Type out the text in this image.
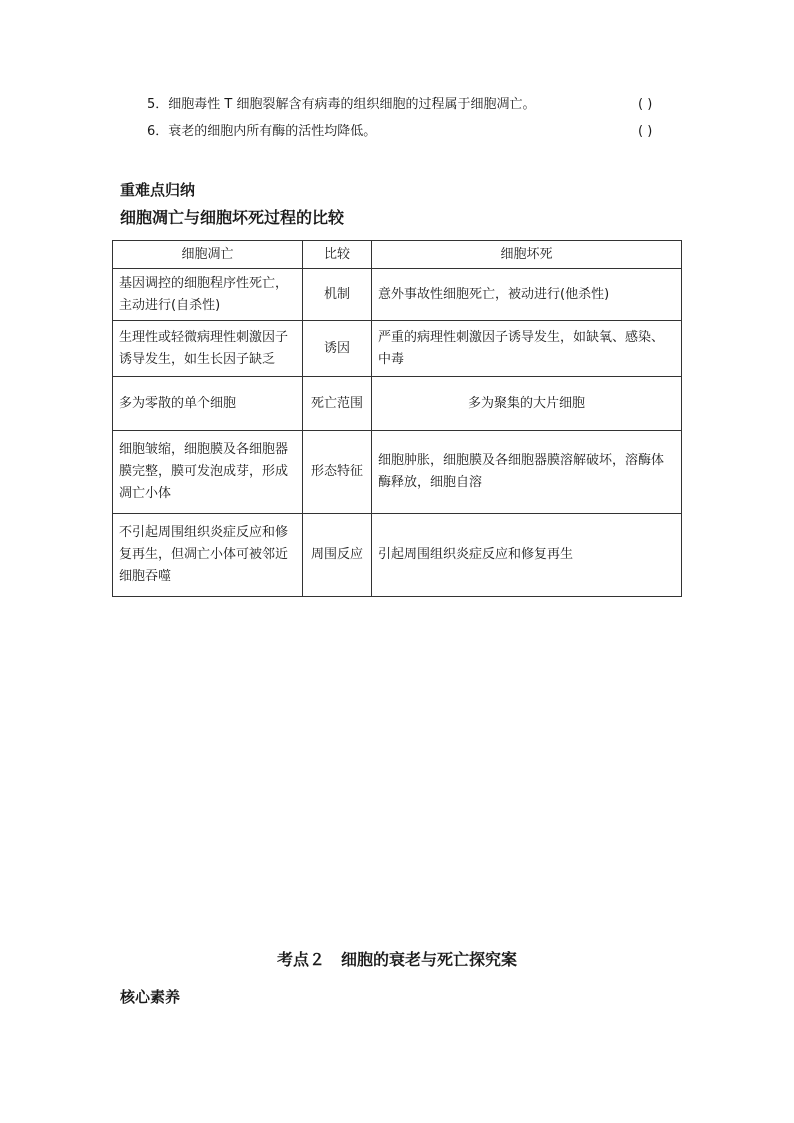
5．细胞毒性 T 细胞裂解含有病毒的组织细胞的过程属于细胞凋亡。	( )
6．衰老的细胞内所有酶的活性均降低。	( )
重难点归纳
细胞凋亡与细胞坏死过程的比较
细胞凋亡	比较	细胞坏死
基因调控的细胞程序性死亡，主动进行(自杀性)	机制	意外事故性细胞死亡，被动进行(他杀性)
生理性或轻微病理性刺激因子诱导发生，如生长因子缺乏	诱因	严重的病理性刺激因子诱导发生，如缺氧、感染、中毒
多为零散的单个细胞	死亡范围	多为聚集的大片细胞
细胞皱缩，细胞膜及各细胞器膜完整，膜可发泡成芽，形成凋亡小体	形态特征	细胞肿胀，细胞膜及各细胞器膜溶解破坏，溶酶体酶释放，细胞自溶
不引起周围组织炎症反应和修复再生，但凋亡小体可被邻近细胞吞噬	周围反应	引起周围组织炎症反应和修复再生
考点２　细胞的衰老与死亡探究案
核心素养
